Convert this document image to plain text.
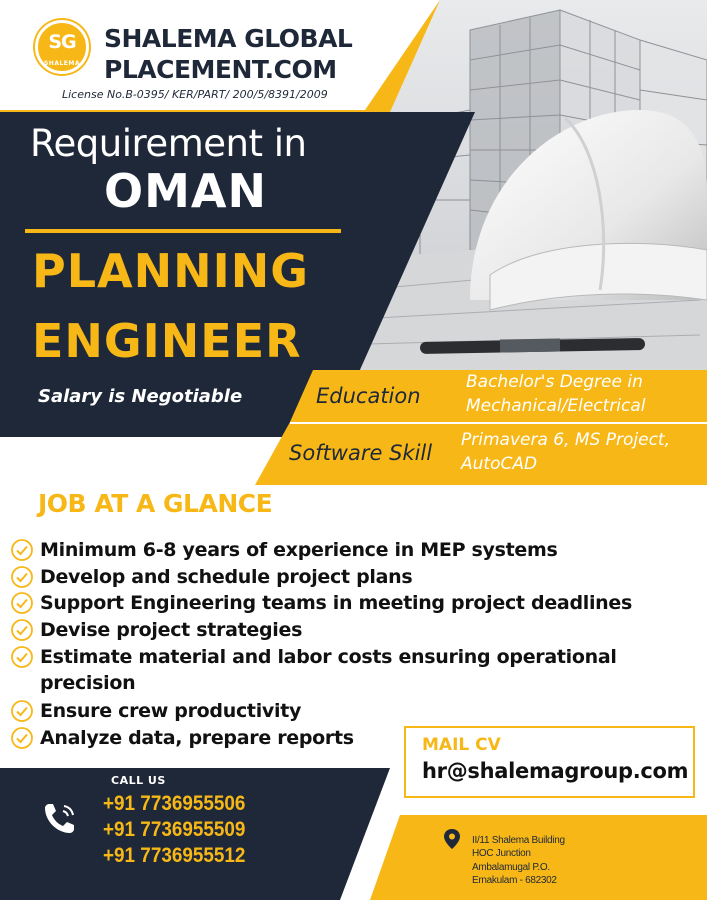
SG
SHALEMA
SHALEMA GLOBAL
PLACEMENT.COM
License No.B-0395/ KER/PART/ 200/5/8391/2009
Requirement in
OMAN
PLANNING
ENGINEER
Salary is Negotiable	Education
Bachelor's Degree in
Mechanical/Electrical
Software Skill
Primavera 6, MS Project,
AutoCAD
JOB AT A GLANCE
Minimum 6-8 years of experience in MEP systems
Develop and schedule project plans
Support Engineering teams in meeting project deadlines
Devise project strategies
Estimate material and labor costs ensuring operational precision
Ensure crew productivity
Analyze data, prepare reports	MAIL CV
hr@shalemagroup.com
CALL US
+91 7736955506
+91 7736955509
+91 7736955512
II/11 Shalema Building
HOC Junction
Ambalamugal P.O.
Ernakulam - 682302
